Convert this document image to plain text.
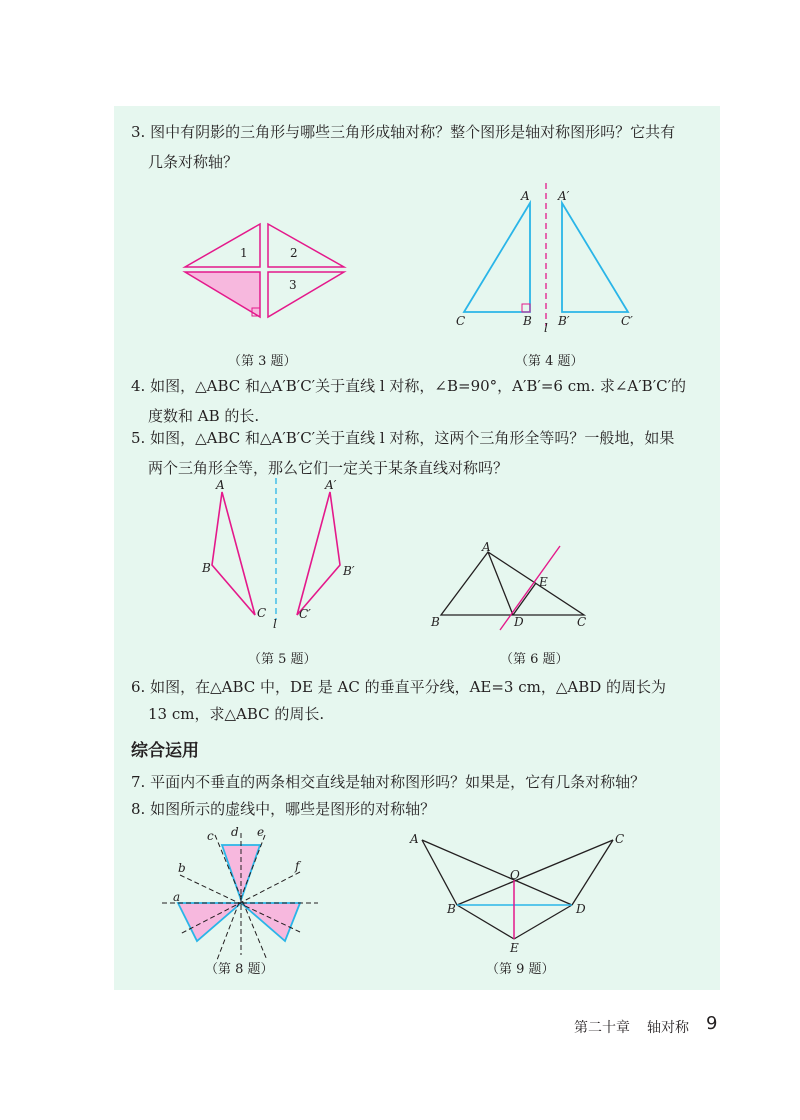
3. 图中有阴影的三角形与哪些三角形成轴对称？整个图形是轴对称图形吗？它共有
几条对称轴？
4. 如图，△ABC 和△A′B′C′关于直线 l 对称，∠B=90°，A′B′=6 cm. 求∠A′B′C′的
度数和 AB 的长.
5. 如图，△ABC 和△A′B′C′关于直线 l 对称，这两个三角形全等吗？一般地，如果
两个三角形全等，那么它们一定关于某条直线对称吗？
6. 如图，在△ABC 中，DE 是 AC 的垂直平分线，AE=3 cm，△ABD 的周长为
13 cm，求△ABC 的周长.
综合运用
7. 平面内不垂直的两条相交直线是轴对称图形吗？如果是，它有几条对称轴？
8. 如图所示的虚线中，哪些是图形的对称轴？
（第 3 题）	（第 4 题）
（第 5 题）	（第 6 题）
（第 8 题）	（第 9 题）
1	2
3
A
B
C
A′
B′	C′
l
A
B
C
A′
B′
C′
l
A
B	C
D
E
a
b
c d e
f
A	C
B	D
O
E
第二十章 轴对称 9
